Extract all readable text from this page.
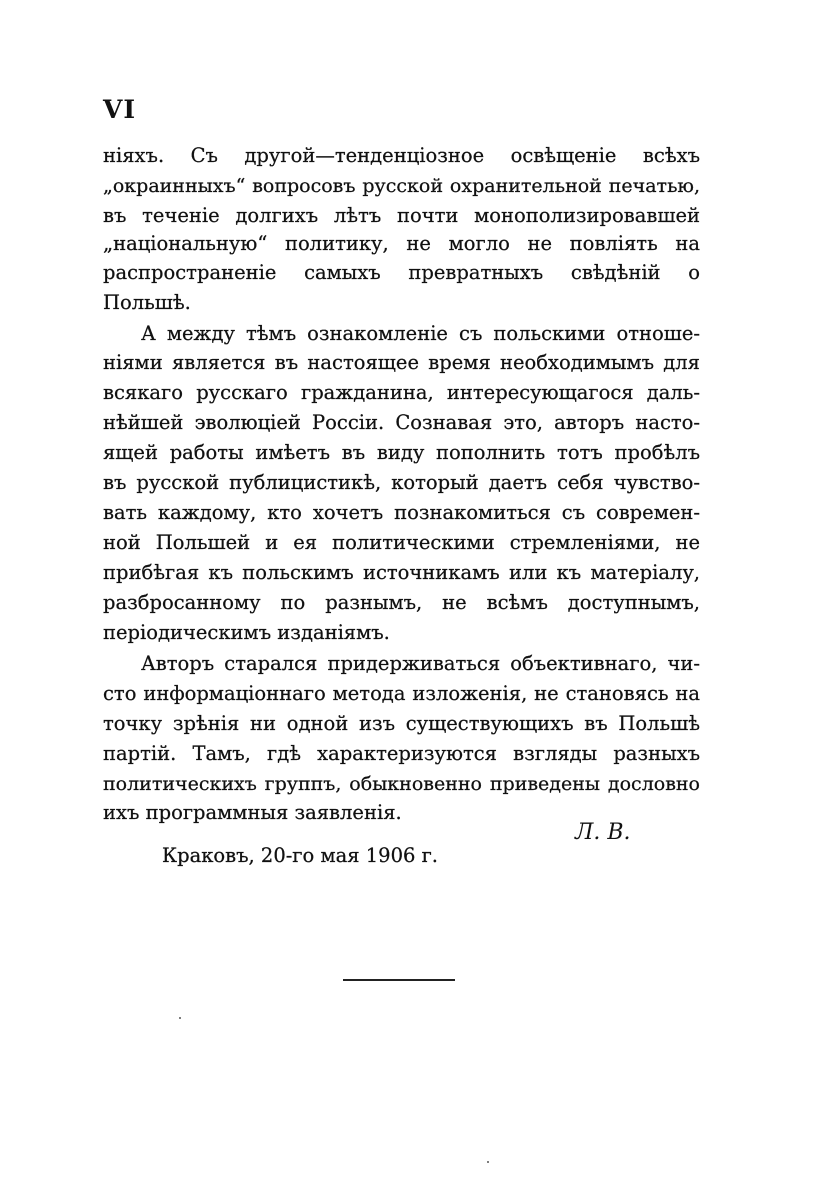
VI
ніяхъ. Съ другой—тенденціозное освѣщеніе всѣхъ
„окраинныхъ“ вопросовъ русской охранительной печатью,
въ теченіе долгихъ лѣтъ почти монополизировавшей
„національную“ политику, не могло не повліять на
распространеніе самыхъ превратныхъ свѣдѣній о
Польшѣ.
А между тѣмъ ознакомленіе съ польскими отноше-
ніями является въ настоящее время необходимымъ для
всякаго русскаго гражданина, интересующагося даль-
нѣйшей эволюціей Россіи. Сознавая это, авторъ насто-
ящей работы имѣетъ въ виду пополнить тотъ пробѣлъ
въ русской публицистикѣ, который даетъ себя чувство-
вать каждому, кто хочетъ познакомиться съ современ-
ной Польшей и ея политическими стремленіями, не
прибѣгая къ польскимъ источникамъ или къ матеріалу,
разбросанному по разнымъ, не всѣмъ доступнымъ,
періодическимъ изданіямъ.
Авторъ старался придерживаться объективнаго, чи-
сто информаціоннаго метода изложенія, не становясь на
точку зрѣнія ни одной изъ существующихъ въ Польшѣ
партій. Тамъ, гдѣ характеризуются взгляды разныхъ
политическихъ группъ, обыкновенно приведены дословно
ихъ программныя заявленія.
Л. В.
Краковъ, 20-го мая 1906 г.
